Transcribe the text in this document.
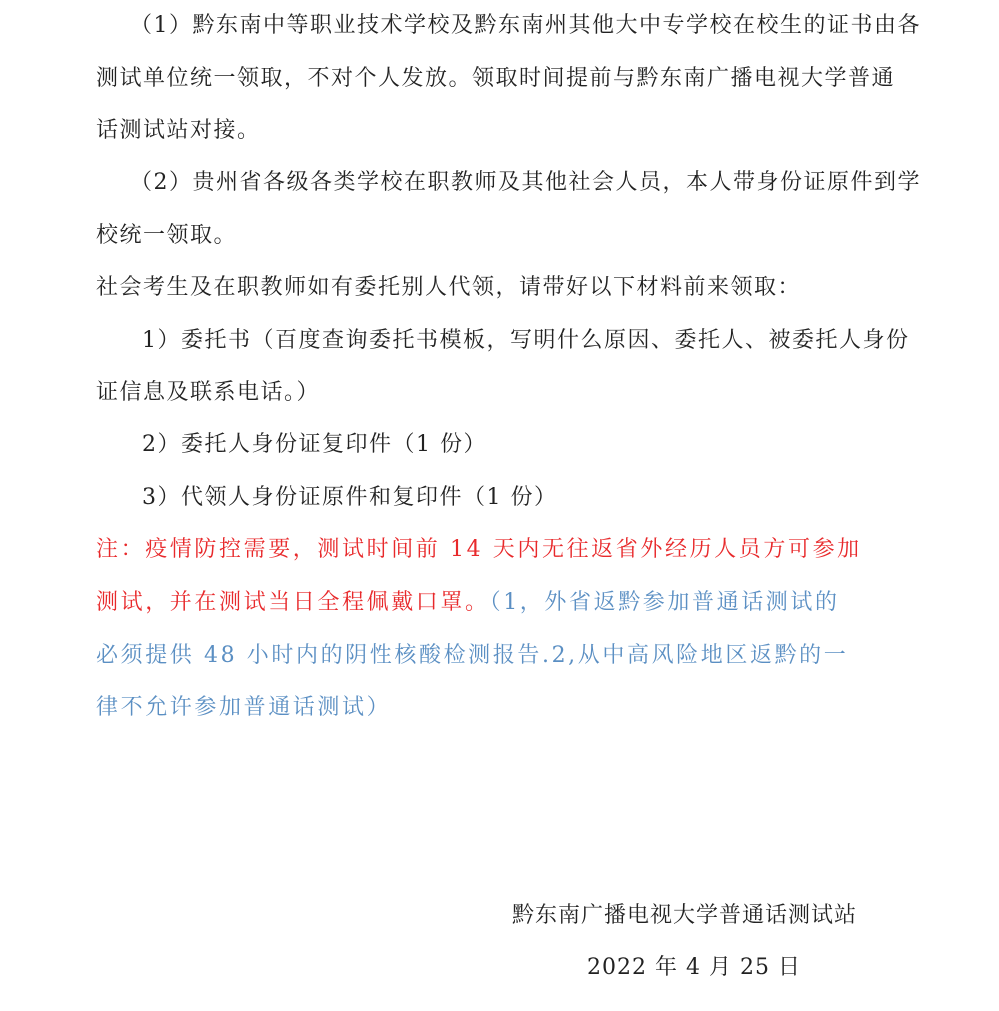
（1）黔东南中等职业技术学校及黔东南州其他大中专学校在校生的证书由各
测试单位统一领取，不对个人发放。领取时间提前与黔东南广播电视大学普通
话测试站对接。
（2）贵州省各级各类学校在职教师及其他社会人员，本人带身份证原件到学
校统一领取。
社会考生及在职教师如有委托别人代领，请带好以下材料前来领取：
1）委托书（百度查询委托书模板，写明什么原因、委托人、被委托人身份
证信息及联系电话。）
2）委托人身份证复印件（1 份）
3）代领人身份证原件和复印件（1 份）
注：疫情防控需要，测试时间前 14 天内无往返省外经历人员方可参加
测试，并在测试当日全程佩戴口罩。（1，外省返黔参加普通话测试的
必须提供 48 小时内的阴性核酸检测报告.2,从中高风险地区返黔的一
律不允许参加普通话测试）
黔东南广播电视大学普通话测试站
2022 年 4 月 25 日
